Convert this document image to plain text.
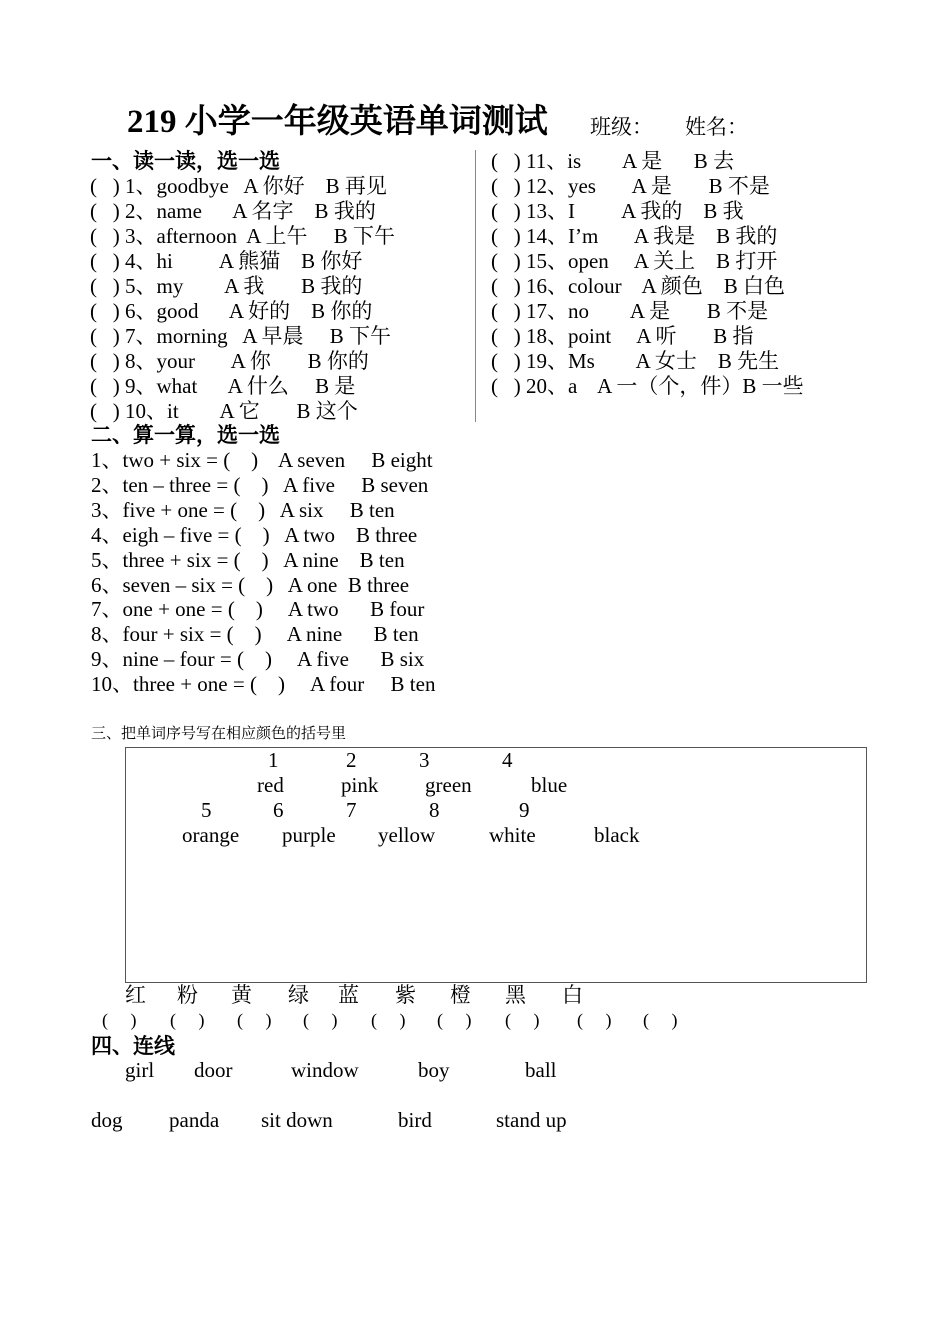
219 小学一年级英语单词测试 班级： 姓名：
一、读一读，选一选
(   ) 1、goodbye   A 你好    B 再见
(   ) 2、name      A 名字    B 我的
(   ) 3、afternoon  A 上午     B 下午
(   ) 4、hi         A 熊猫    B 你好
(   ) 5、my        A 我       B 我的
(   ) 6、good      A 好的    B 你的
(   ) 7、morning   A 早晨     B 下午
(   ) 8、your       A 你       B 你的
(   ) 9、what      A 什么     B 是
(   ) 10、it        A 它       B 这个
(   ) 11、is        A 是      B 去
(   ) 12、yes       A 是       B 不是
(   ) 13、I         A 我的    B 我
(   ) 14、I’m       A 我是    B 我的
(   ) 15、open     A 关上    B 打开
(   ) 16、colour    A 颜色    B 白色
(   ) 17、no        A 是       B 不是
(   ) 18、point     A 听       B 指
(   ) 19、Ms        A 女士    B 先生
(   ) 20、a    A 一（个，件）B 一些
二、算一算，选一选
1、two + six = (    )    A seven     B eight
2、ten – three = (    )   A five     B seven
3、five + one = (    )   A six     B ten
4、eigh – five = (    )   A two    B three
5、three + six = (    )   A nine    B ten
6、seven – six = (    )   A one  B three
7、one + one = (    )     A two      B four
8、four + six = (    )     A nine      B ten
9、nine – four = (    )     A five      B six
10、three + one = (    )     A four     B ten
三、把单词序号写在相应颜色的括号里
1	2	3	4
red	pink green	blue
5	6	7	8	9
orange purple yellow	white	black
红 粉 黄 绿 蓝 紫 橙 黑 白
(     ) (     ) (     ) (     ) (     ) (     ) (     ) (     ) (     )
四、连线
girl door	window	boy	ball
dog panda sit down	bird	stand up
